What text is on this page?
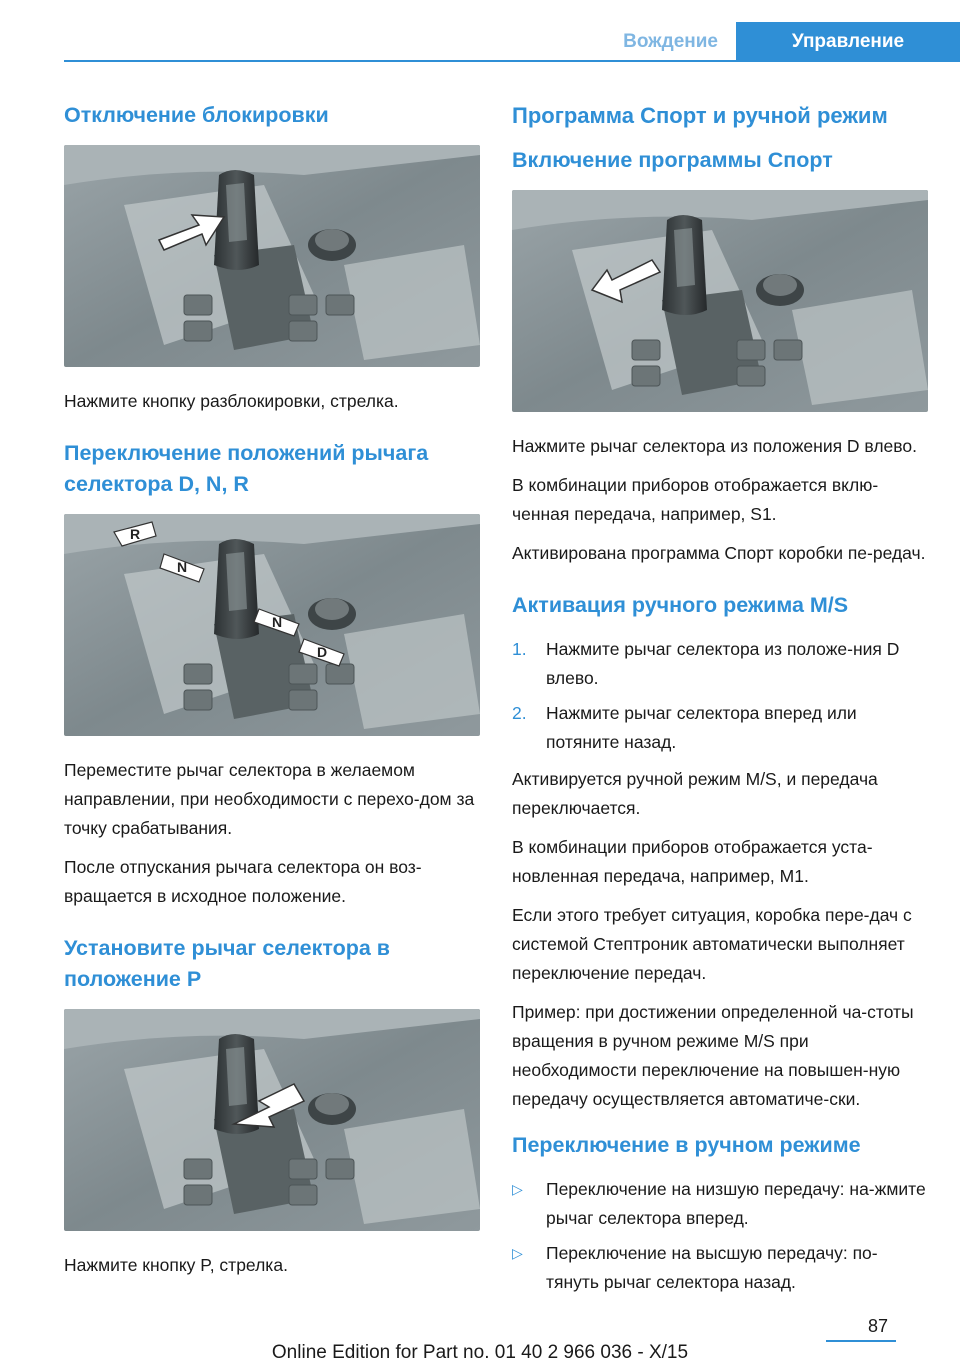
Вождение	Управление
Отключение блокировки

Нажмите кнопку разблокировки, стрелка.

Переключение положений рычага селектора D, N, R
R
N
N
D

Переместите рычаг селектора в желаемом направлении, при необходимости с перехо-дом за точку срабатывания.

После отпускания рычага селектора он воз-вращается в исходное положение.

Установите рычаг селектора в положение P

Нажмите кнопку P, стрелка.

Программа Спорт и ручной режим
Включение программы Спорт

Нажмите рычаг селектора из положения D влево.

В комбинации приборов отображается вклю-ченная передача, например, S1.

Активирована программа Спорт коробки пе-редач.

Активация ручного режима M/S
1. Нажмите рычаг селектора из положе-ния D влево.
2. Нажмите рычаг селектора вперед или потяните назад.

Активируется ручной режим M/S, и передача переключается.

В комбинации приборов отображается уста-новленная передача, например, M1.

Если этого требует ситуация, коробка пере-дач с системой Стептроник автоматически выполняет переключение передач.

Пример: при достижении определенной ча-стоты вращения в ручном режиме M/S при необходимости переключение на повышен-ную передачу осуществляется автоматиче-ски.

Переключение в ручном режиме
▷ Переключение на низшую передачу: на-жмите рычаг селектора вперед.
▷ Переключение на высшую передачу: по-тянуть рычаг селектора назад.
87
Online Edition for Part no. 01 40 2 966 036 - X/15
